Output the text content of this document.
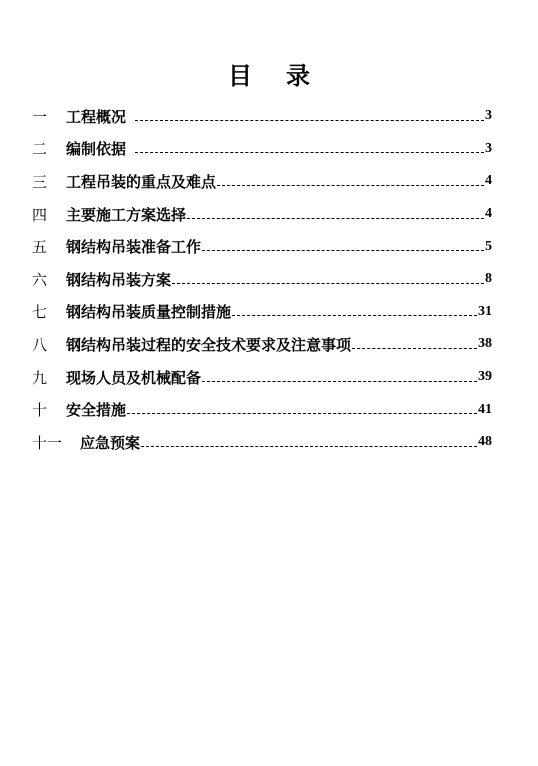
目 录
一	工程概况	3
二	编制依据	3
三	工程吊装的重点及难点	4
四	主要施工方案选择	4
五	钢结构吊装准备工作	5
六	钢结构吊装方案	8
七	钢结构吊装质量控制措施	31
八	钢结构吊装过程的安全技术要求及注意事项	38
九	现场人员及机械配备	39
十	安全措施	41
十一	应急预案	48
